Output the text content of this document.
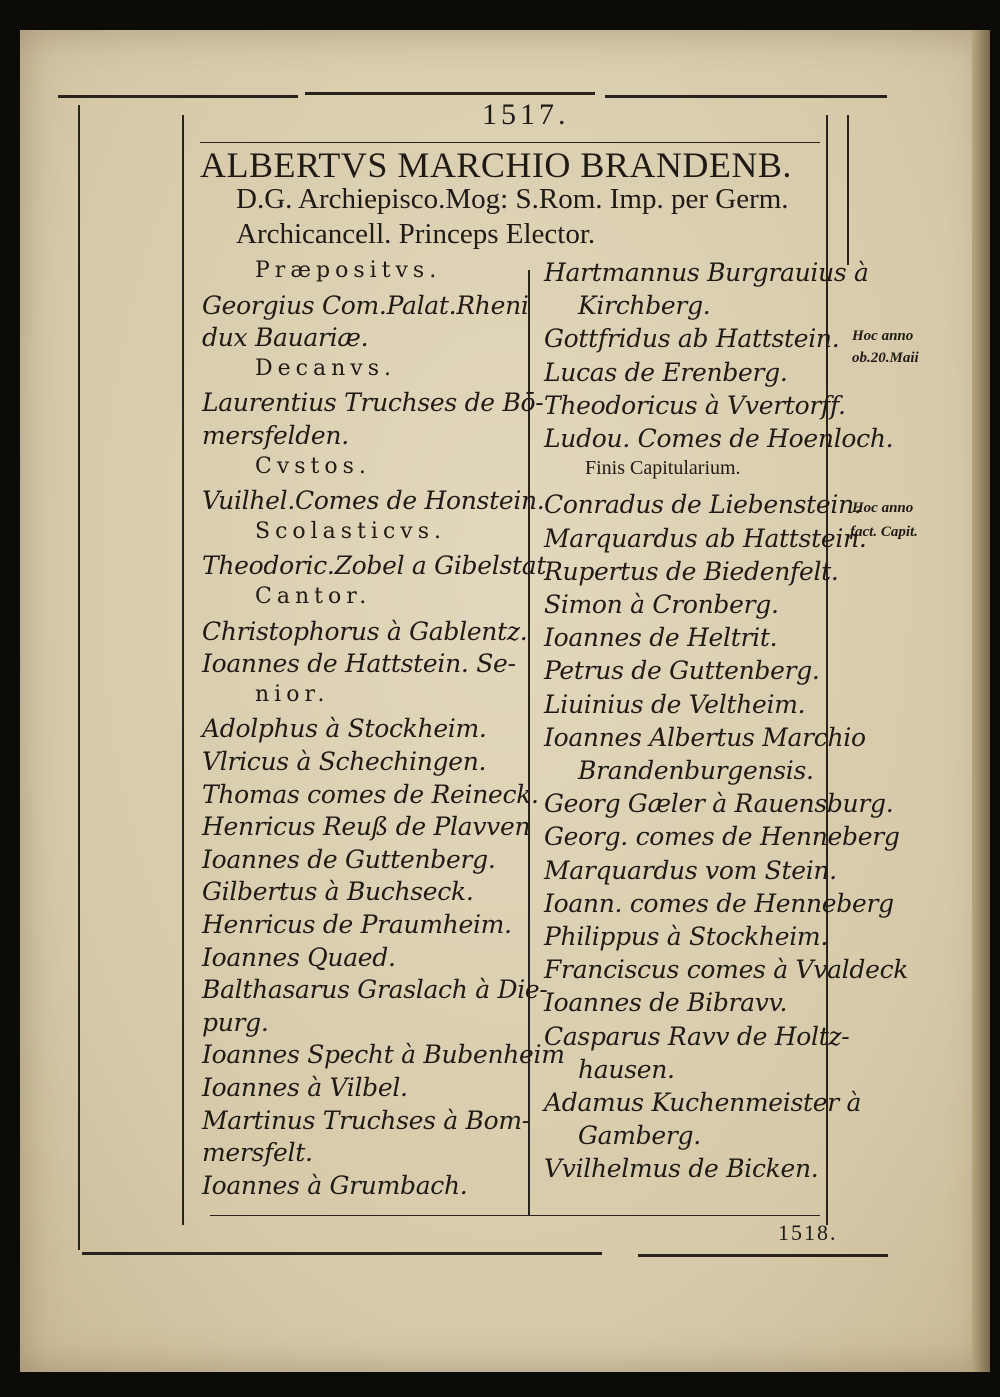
1517.
ALBERTVS MARCHIO BRANDENB.
D.G. Archiepisco.Mog: S.Rom. Imp. per Germ.
Archicancell. Princeps Elector.
Præpositvs.
Georgius Com.Palat.Rheni
dux Bauariæ.
Decanvs.
Laurentius Truchses de Bō-
mersfelden.
Cvstos.
Vuilhel.Comes de Honstein.
Scolasticvs.
Theodoric.Zobel a Gibelstat
Cantor.
Christophorus à Gablentz.
Ioannes de Hattstein. Se-
nior.
Adolphus à Stockheim.
Vlricus à Schechingen.
Thomas comes de Reineck.
Henricus Reuß de Plavven
Ioannes de Guttenberg.
Gilbertus à Buchseck.
Henricus de Praumheim.
Ioannes Quaed.
Balthasarus Graslach à Die-
purg.
Ioannes Specht à Bubenheim
Ioannes à Vilbel.
Martinus Truchses à Bom-
mersfelt.
Ioannes à Grumbach.
Hartmannus Burgrauius à
Kirchberg.
Gottfridus ab Hattstein.
Lucas de Erenberg.
Theodoricus à Vvertorff.
Ludou. Comes de Hoenloch.
Finis Capitularium.
Conradus de Liebenstein.
Marquardus ab Hattstein.
Rupertus de Biedenfelt.
Simon à Cronberg.
Ioannes de Heltrit.
Petrus de Guttenberg.
Liuinius de Veltheim.
Ioannes Albertus Marchio
Brandenburgensis.
Georg Gæler à Rauensburg.
Georg. comes de Henneberg
Marquardus vom Stein.
Ioann. comes de Henneberg
Philippus à Stockheim.
Franciscus comes à Vvaldeck
Ioannes de Bibravv.
Casparus Ravv de Holtz-
hausen.
Adamus Kuchenmeister à
Gamberg.
Vvilhelmus de Bicken.
Hoc anno
ob.20.Maii
Hoc anno
fact. Capit.
1518.
